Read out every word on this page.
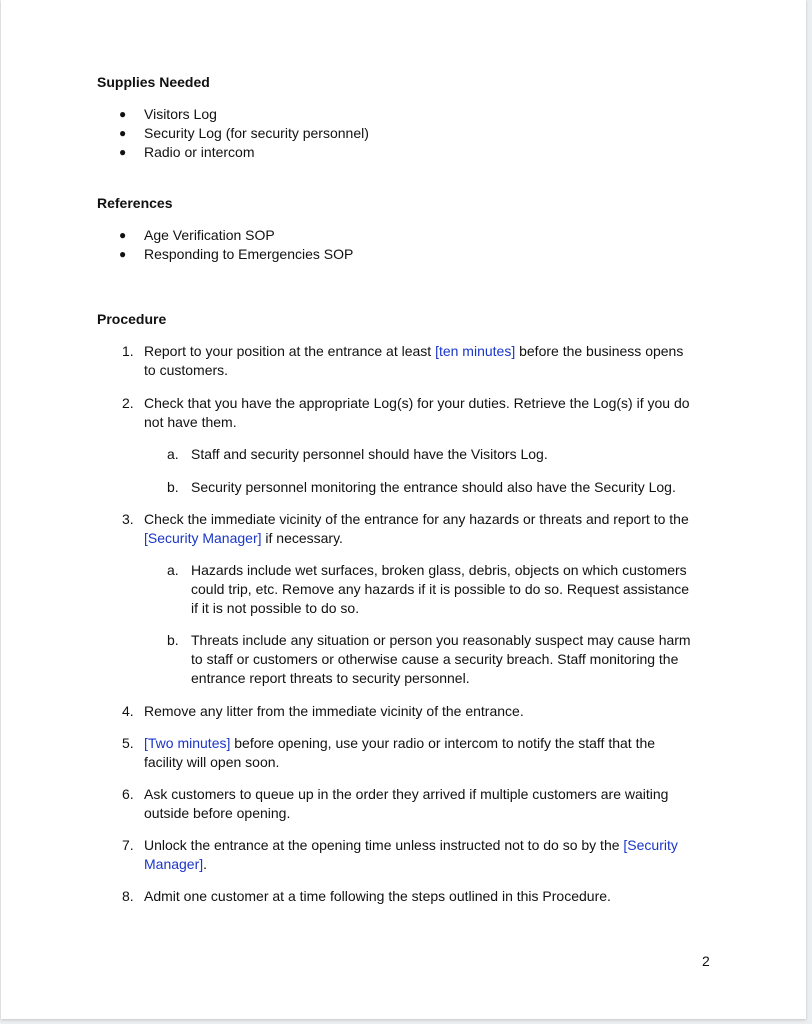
Supplies Needed
● Visitors Log
● Security Log (for security personnel)
● Radio or intercom
References
● Age Verification SOP
● Responding to Emergencies SOP
Procedure
1. Report to your position at the entrance at least [ten minutes] before the business opens
to customers.
2. Check that you have the appropriate Log(s) for your duties. Retrieve the Log(s) if you do
not have them.
a. Staff and security personnel should have the Visitors Log.
b. Security personnel monitoring the entrance should also have the Security Log.
3. Check the immediate vicinity of the entrance for any hazards or threats and report to the
[Security Manager] if necessary.
a. Hazards include wet surfaces, broken glass, debris, objects on which customers
could trip, etc. Remove any hazards if it is possible to do so. Request assistance
if it is not possible to do so.
b. Threats include any situation or person you reasonably suspect may cause harm
to staff or customers or otherwise cause a security breach. Staff monitoring the
entrance report threats to security personnel.
4. Remove any litter from the immediate vicinity of the entrance.
5. [Two minutes] before opening, use your radio or intercom to notify the staff that the
facility will open soon.
6. Ask customers to queue up in the order they arrived if multiple customers are waiting
outside before opening.
7. Unlock the entrance at the opening time unless instructed not to do so by the [Security
Manager].
8. Admit one customer at a time following the steps outlined in this Procedure.
2
